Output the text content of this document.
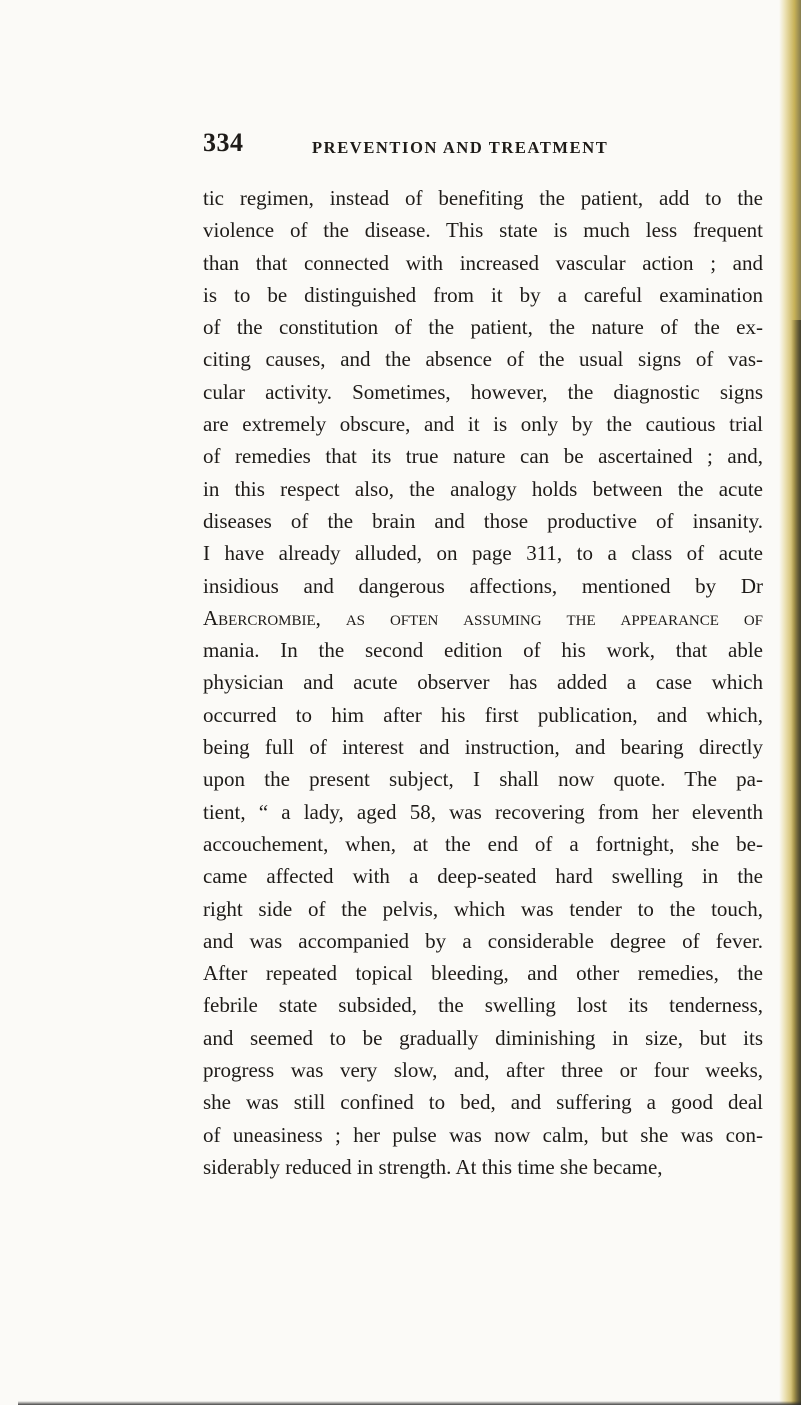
334	PREVENTION AND TREATMENT
tic regimen, instead of benefiting the patient, add to the
violence of the disease. This state is much less frequent
than that connected with increased vascular action ; and
is to be distinguished from it by a careful examination
of the constitution of the patient, the nature of the ex-
citing causes, and the absence of the usual signs of vas-
cular activity. Sometimes, however, the diagnostic signs
are extremely obscure, and it is only by the cautious trial
of remedies that its true nature can be ascertained ; and,
in this respect also, the analogy holds between the acute
diseases of the brain and those productive of insanity.
I have already alluded, on page 311, to a class of acute
insidious and dangerous affections, mentioned by Dr
Abercrombie, as often assuming the appearance of
mania. In the second edition of his work, that able
physician and acute observer has added a case which
occurred to him after his first publication, and which,
being full of interest and instruction, and bearing directly
upon the present subject, I shall now quote. The pa-
tient, “ a lady, aged 58, was recovering from her eleventh
accouchement, when, at the end of a fortnight, she be-
came affected with a deep-seated hard swelling in the
right side of the pelvis, which was tender to the touch,
and was accompanied by a considerable degree of fever.
After repeated topical bleeding, and other remedies, the
febrile state subsided, the swelling lost its tenderness,
and seemed to be gradually diminishing in size, but its
progress was very slow, and, after three or four weeks,
she was still confined to bed, and suffering a good deal
of uneasiness ; her pulse was now calm, but she was con-
siderably reduced in strength. At this time she became,
